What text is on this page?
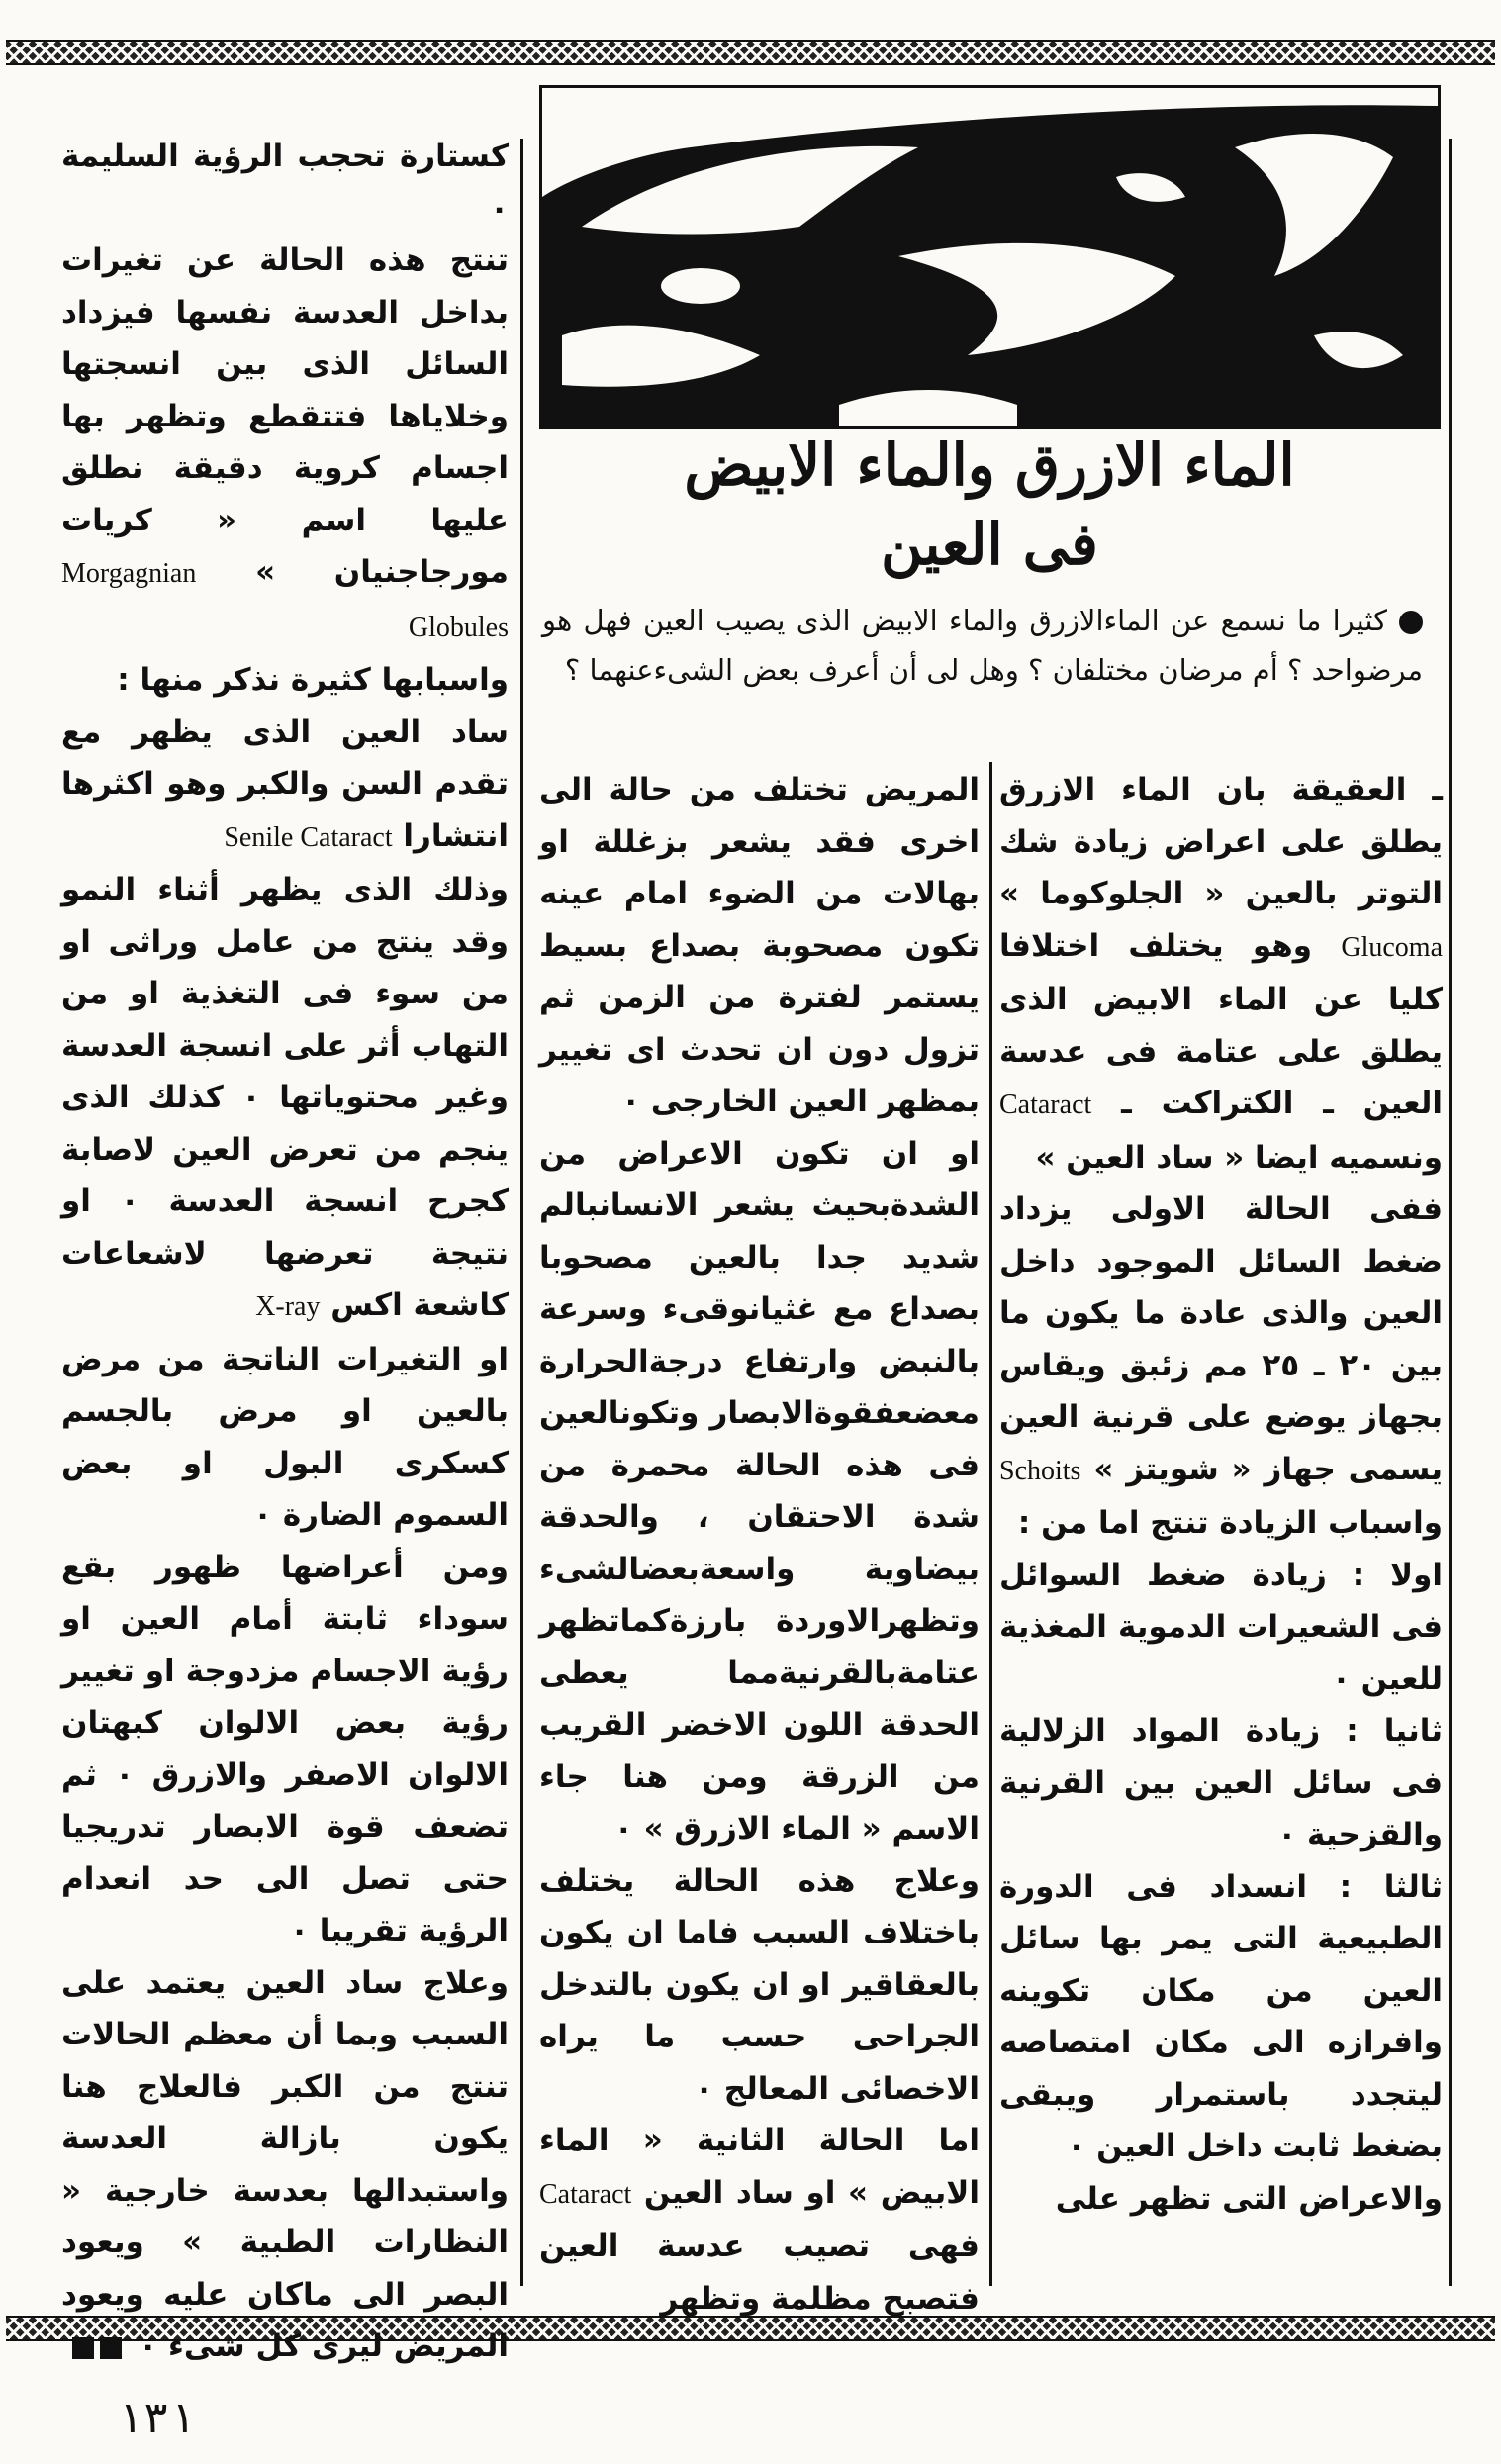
الماء الازرق والماء الابيض
فى العين
كثيرا ما نسمع عن الماءالازرق والماء الابيض الذى يصيب العين فهل هو مرضواحد ؟ أم مرضان مختلفان ؟ وهل لى أن أعرف بعض الشىءعنهما ؟

ـ العقيقة بان الماء الازرق يطلق على اعراض زيادة شك التوتر بالعين « الجلوكوما » Glucoma وهو يختلف اختلافا كليا عن الماء الابيض الذى يطلق على عتامة فى عدسة العين ـ الكتراكت ـ Cataract ونسميه ايضا « ساد العين »

ففى الحالة الاولى يزداد ضغط السائل الموجود داخل العين والذى عادة ما يكون ما بين ٢٠ ـ ٢٥ مم زئبق ويقاس بجهاز يوضع على قرنية العين يسمى جهاز « شويتز » Schoits واسباب الزيادة تنتج اما من :

اولا : زيادة ضغط السوائل فى الشعيرات الدموية المغذية للعين ٠

ثانيا : زيادة المواد الزلالية فى سائل العين بين القرنية والقزحية ٠

ثالثا : انسداد فى الدورة الطبيعية التى يمر بها سائل العين من مكان تكوينه وافرازه الى مكان امتصاصه ليتجدد باستمرار ويبقى بضغط ثابت داخل العين ٠

والاعراض التى تظهر على

المريض تختلف من حالة الى اخرى فقد يشعر بزغللة او بهالات من الضوء امام عينه تكون مصحوبة بصداع بسيط يستمر لفترة من الزمن ثم تزول دون ان تحدث اى تغيير بمظهر العين الخارجى ٠

او ان تكون الاعراض من الشدةبحيث يشعر الانسانبالم شديد جدا بالعين مصحوبا بصداع مع غثيانوقىء وسرعة بالنبض وارتفاع درجةالحرارة معضعفقوةالابصار وتكونالعين فى هذه الحالة محمرة من شدة الاحتقان ، والحدقة بيضاوية واسعةبعضالشىء وتظهرالاوردة بارزةكماتظهر عتامةبالقرنيةمما يعطى الحدقة اللون الاخضر القريب من الزرقة ومن هنا جاء الاسم « الماء الازرق » ٠

وعلاج هذه الحالة يختلف باختلاف السبب فاما ان يكون بالعقاقير او ان يكون بالتدخل الجراحى حسب ما يراه الاخصائى المعالج ٠

اما الحالة الثانية « الماء الابيض » او ساد العين Cataract فهى تصيب عدسة العين فتصبح مظلمة وتظهر

كستارة تحجب الرؤية السليمة ٠

تنتج هذه الحالة عن تغيرات بداخل العدسة نفسها فيزداد السائل الذى بين انسجتها وخلاياها فتتقطع وتظهر بها اجسام كروية دقيقة نطلق عليها اسم « كريات مورجاجنيان » Morgagnian Globules

واسبابها كثيرة نذكر منها :

ساد العين الذى يظهر مع تقدم السن والكبر وهو اكثرها انتشارا Senile Cataract

وذلك الذى يظهر أثناء النمو وقد ينتج من عامل وراثى او من سوء فى التغذية او من التهاب أثر على انسجة العدسة وغير محتوياتها ٠ كذلك الذى ينجم من تعرض العين لاصابة كجرح انسجة العدسة ٠ او نتيجة تعرضها لاشعاعات كاشعة اكس X-ray

او التغيرات الناتجة من مرض بالعين او مرض بالجسم كسكرى البول او بعض السموم الضارة ٠

ومن أعراضها ظهور بقع سوداء ثابتة أمام العين او رؤية الاجسام مزدوجة او تغيير رؤية بعض الالوان كبهتان الالوان الاصفر والازرق ٠ ثم تضعف قوة الابصار تدريجيا حتى تصل الى حد انعدام الرؤية تقريبا ٠

وعلاج ساد العين يعتمد على السبب وبما أن معظم الحالات تنتج من الكبر فالعلاج هنا يكون بازالة العدسة واستبدالها بعدسة خارجية « النظارات الطبية » ويعود البصر الى ماكان عليه ويعود المريض ليرى كل شىء ٠

١٣١
